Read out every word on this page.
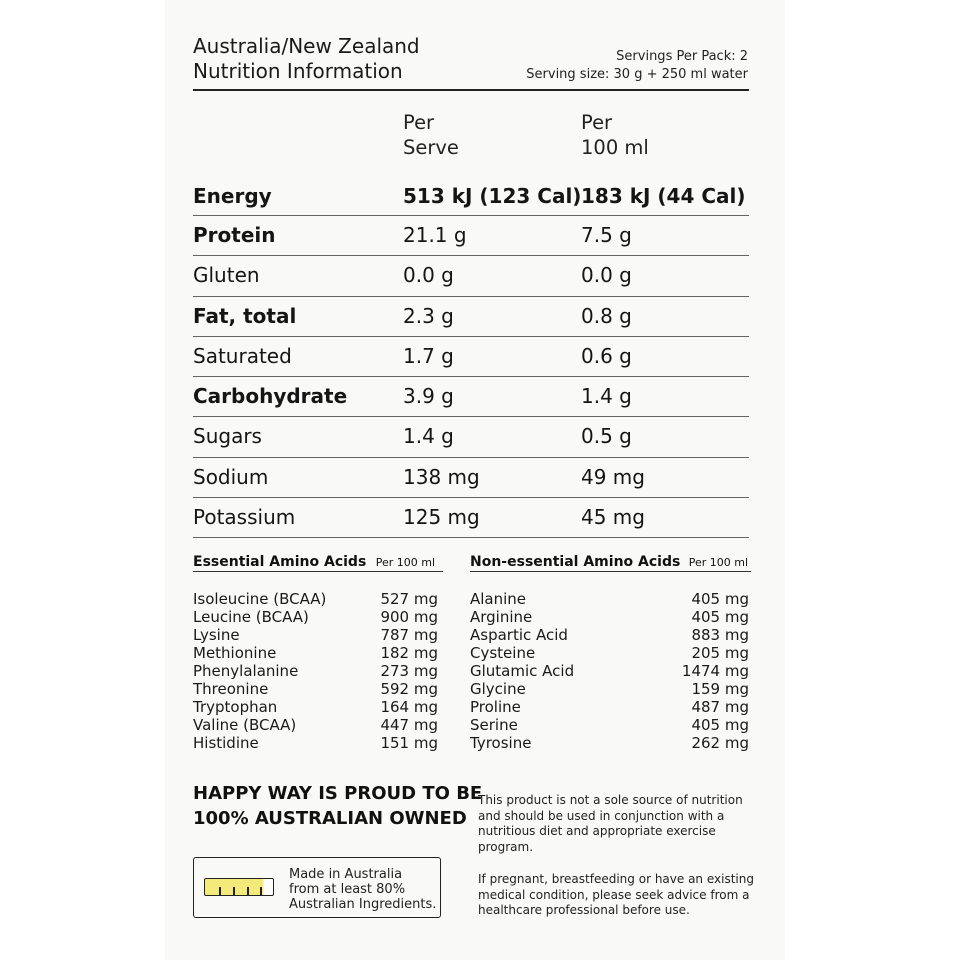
Australia/New Zealand
Nutrition Information
Servings Per Pack: 2
Serving size: 30 g + 250 ml water
Per
Serve
Per
100 ml
Energy	513 kJ (123 Cal) 183 kJ (44 Cal)
Protein	21.1 g	7.5 g
Gluten	0.0 g	0.0 g
Fat, total	2.3 g	0.8 g
Saturated	1.7 g	0.6 g
Carbohydrate	3.9 g	1.4 g
Sugars	1.4 g	0.5 g
Sodium	138 mg	49 mg
Potassium	125 mg	45 mg
Essential Amino Acids Per 100 ml
Isoleucine (BCAA)	527 mg
Leucine (BCAA)	900 mg
Lysine	787 mg
Methionine	182 mg
Phenylalanine	273 mg
Threonine	592 mg
Tryptophan	164 mg
Valine (BCAA)	447 mg
Histidine	151 mg
Non-essential Amino Acids Per 100 ml
Alanine	405 mg
Arginine	405 mg
Aspartic Acid	883 mg
Cysteine	205 mg
Glutamic Acid	1474 mg
Glycine	159 mg
Proline	487 mg
Serine	405 mg
Tyrosine	262 mg
HAPPY WAY IS PROUD TO BE
100% AUSTRALIAN OWNED
This product is not a sole source of nutrition and should be used in conjunction with a nutritious diet and appropriate exercise program.
If pregnant, breastfeeding or have an existing medical condition, please seek advice from a healthcare professional before use.
Made in Australia
from at least 80%
Australian Ingredients.
